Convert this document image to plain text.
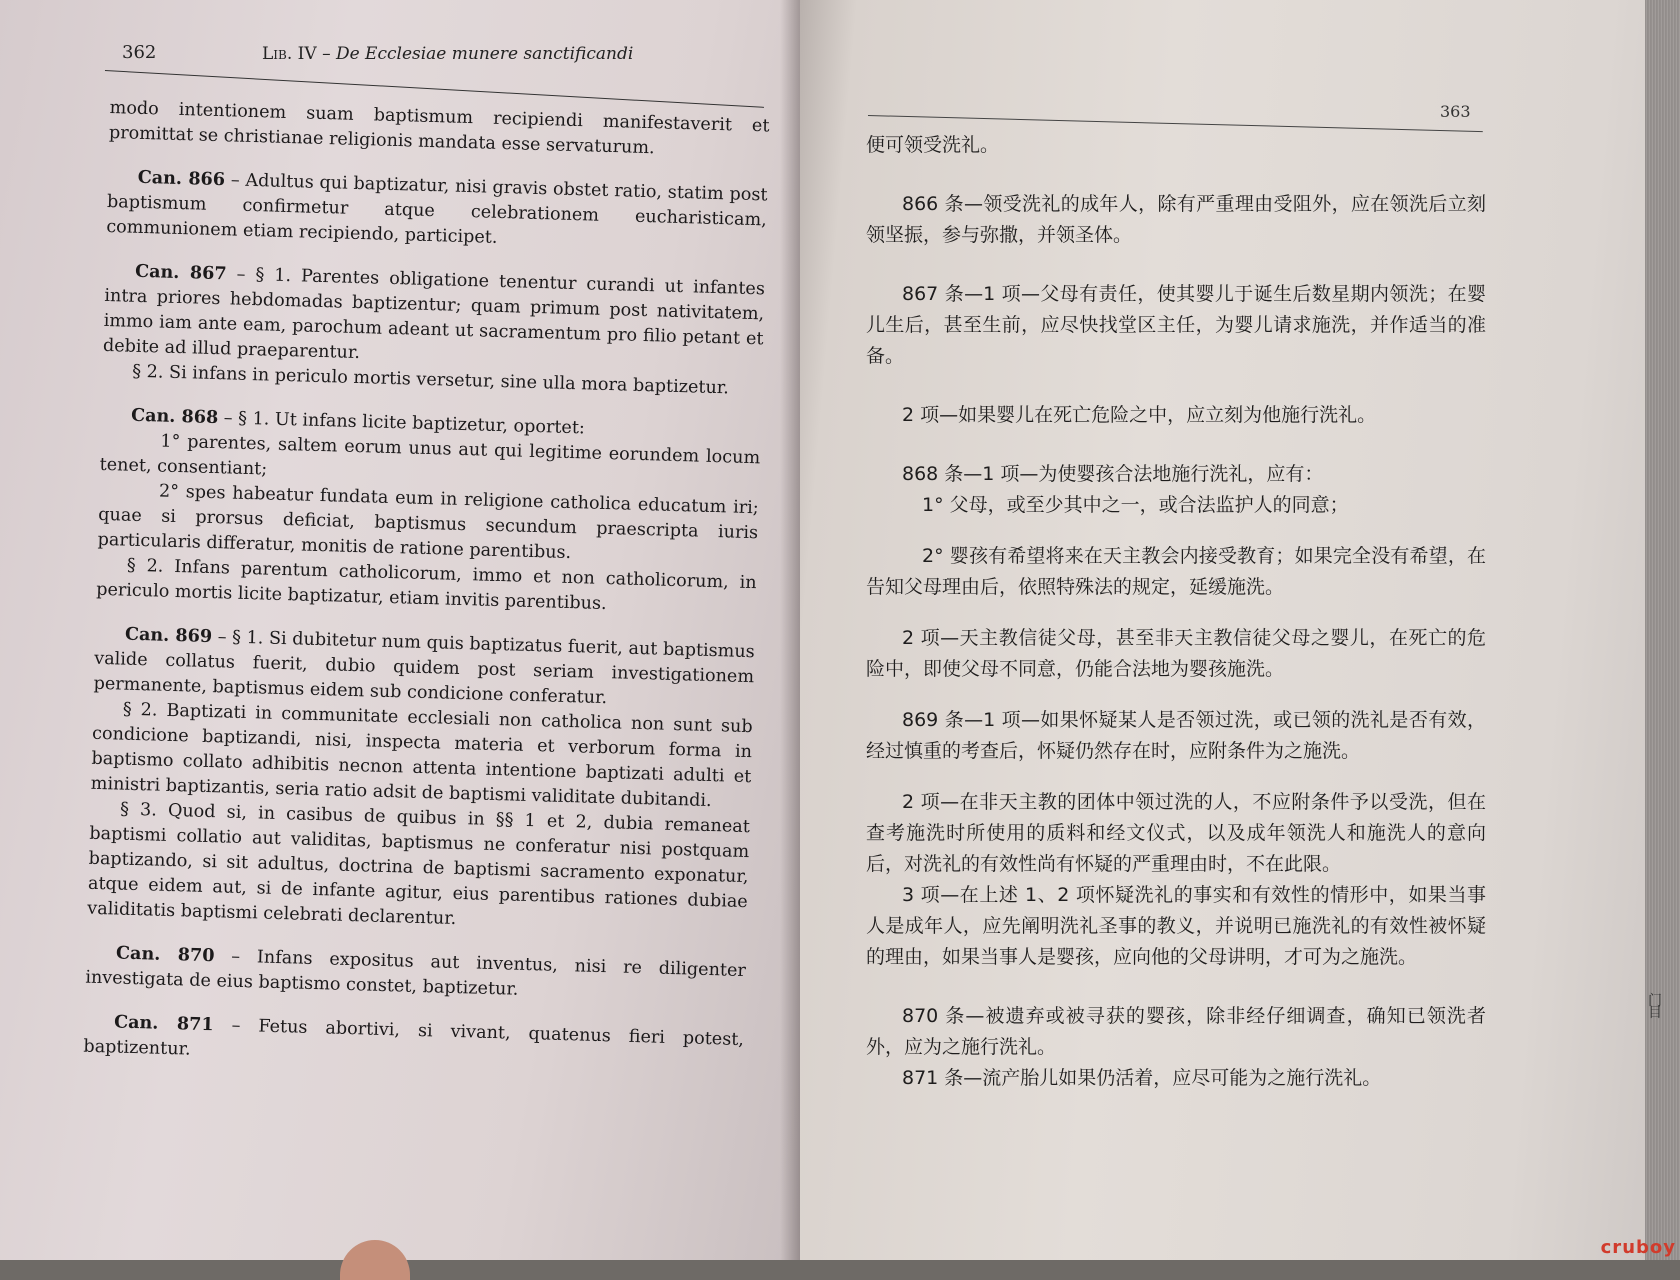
362	Lib. IV – De Ecclesiae munere sanctificandi

modo intentionem suam baptismum recipiendi manifestaverit et promittat se christianae religionis mandata esse servaturum.

Can. 866 – Adultus qui baptizatur, nisi gravis obstet ratio, statim post baptismum confirmetur atque celebrationem eucharisticam, communionem etiam recipiendo, participet.

Can. 867 – § 1. Parentes obligatione tenentur curandi ut infantes intra priores hebdomadas baptizentur; quam primum post nativitatem, immo iam ante eam, parochum adeant ut sacramentum pro filio petant et debite ad illud praeparentur.

§ 2. Si infans in periculo mortis versetur, sine ulla mora baptizetur.

Can. 868 – § 1. Ut infans licite baptizetur, oportet:

1° parentes, saltem eorum unus aut qui legitime eorundem locum tenet, consentiant;

2° spes habeatur fundata eum in religione catholica educatum iri; quae si prorsus deficiat, baptismus secundum praescripta iuris particularis differatur, monitis de ratione parentibus.

§ 2. Infans parentum catholicorum, immo et non catholicorum, in periculo mortis licite baptizatur, etiam invitis parentibus.

Can. 869 – § 1. Si dubitetur num quis baptizatus fuerit, aut baptismus valide collatus fuerit, dubio quidem post seriam investigationem permanente, baptismus eidem sub condicione conferatur.

§ 2. Baptizati in communitate ecclesiali non catholica non sunt sub condicione baptizandi, nisi, inspecta materia et verborum forma in baptismo collato adhibitis necnon attenta intentione baptizati adulti et ministri baptizantis, seria ratio adsit de baptismi validitate dubitandi.

§ 3. Quod si, in casibus de quibus in §§ 1 et 2, dubia remaneat baptismi collatio aut validitas, baptismus ne conferatur nisi postquam baptizando, si sit adultus, doctrina de baptismi sacramento exponatur, atque eidem aut, si de infante agitur, eius parentibus rationes dubiae validitatis baptismi celebrati declarentur.

Can. 870 – Infans expositus aut inventus, nisi re diligenter investigata de eius baptismo constet, baptizetur.

Can. 871 – Fetus abortivi, si vivant, quatenus fieri potest, baptizentur.

363

便可领受洗礼。

866 条—领受洗礼的成年人，除有严重理由受阻外，应在领洗后立刻领坚振，参与弥撒，并领圣体。

867 条—1 项—父母有责任，使其婴儿于诞生后数星期内领洗；在婴儿生后，甚至生前，应尽快找堂区主任，为婴儿请求施洗，并作适当的准备。

2 项—如果婴儿在死亡危险之中，应立刻为他施行洗礼。

868 条—1 项—为使婴孩合法地施行洗礼，应有：

1° 父母，或至少其中之一，或合法监护人的同意；

2° 婴孩有希望将来在天主教会内接受教育；如果完全没有希望，在告知父母理由后，依照特殊法的规定，延缓施洗。

2 项—天主教信徒父母，甚至非天主教信徒父母之婴儿，在死亡的危险中，即使父母不同意，仍能合法地为婴孩施洗。

869 条—1 项—如果怀疑某人是否领过洗，或已领的洗礼是否有效，经过慎重的考查后，怀疑仍然存在时，应附条件为之施洗。

2 项—在非天主教的团体中领过洗的人，不应附条件予以受洗，但在查考施洗时所使用的质料和经文仪式，以及成年领洗人和施洗人的意向后，对洗礼的有效性尚有怀疑的严重理由时，不在此限。

3 项—在上述 1、2 项怀疑洗礼的事实和有效性的情形中，如果当事人是成年人，应先阐明洗礼圣事的教义，并说明已施洗礼的有效性被怀疑的理由，如果当事人是婴孩，应向他的父母讲明，才可为之施洗。

870 条—被遗弃或被寻获的婴孩，除非经仔细调查，确知已领洗者外，应为之施行洗礼。

871 条—流产胎儿如果仍活着，应尽可能为之施行洗礼。

门目
cruboy
